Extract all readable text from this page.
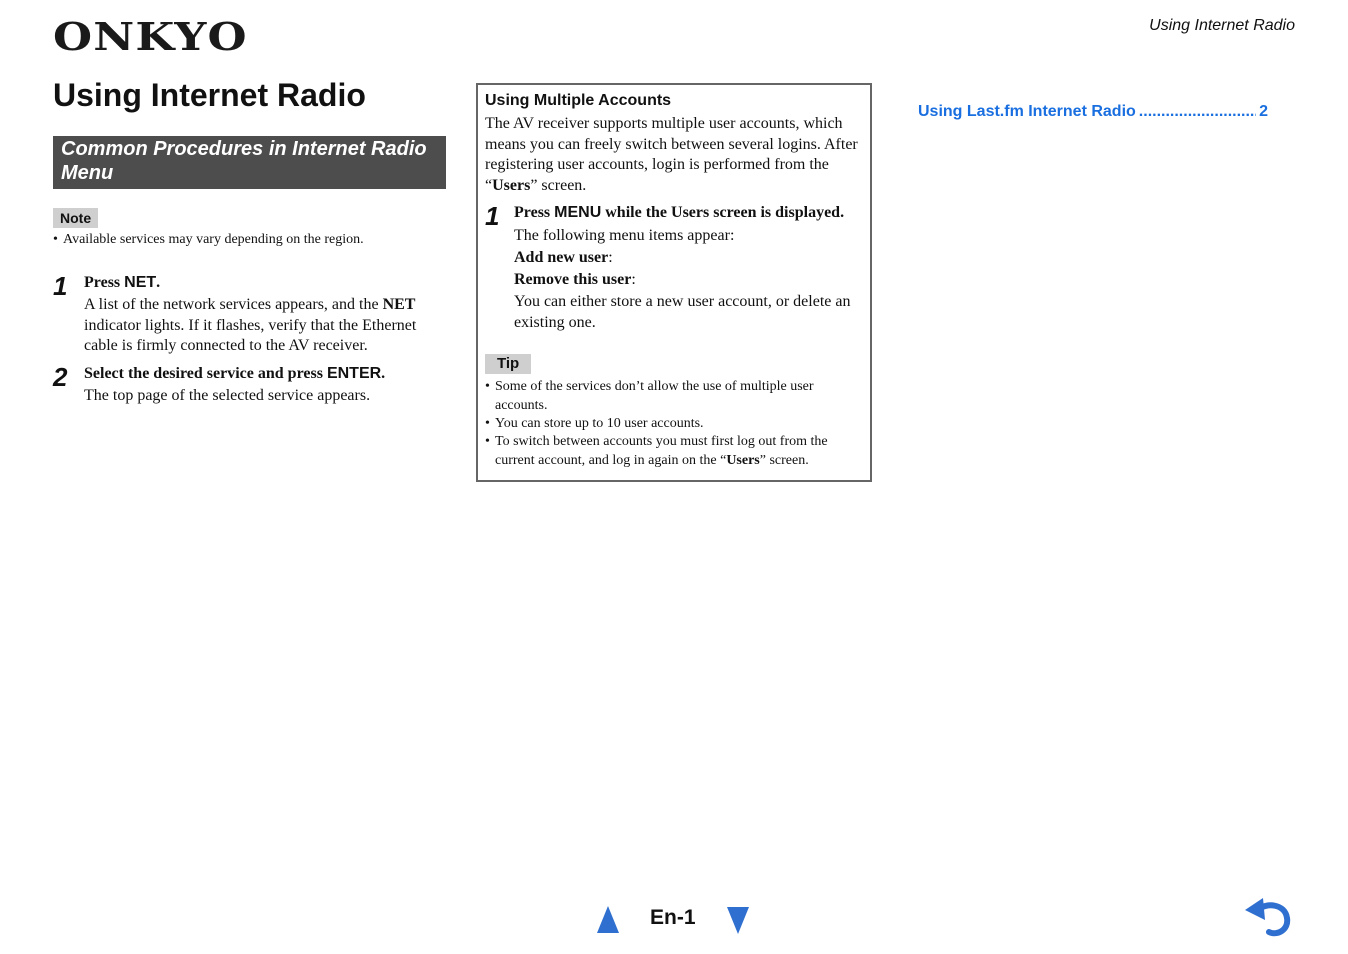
ONKYO	Using Internet Radio
Using Internet Radio
Common Procedures in Internet Radio Menu
Note
• Available services may vary depending on the region.
1 Press NET.
A list of the network services appears, and the NET indicator lights. If it flashes, verify that the Ethernet cable is firmly connected to the AV receiver.
2 Select the desired service and press ENTER.
The top page of the selected service appears.
Using Multiple Accounts
The AV receiver supports multiple user accounts, which means you can freely switch between several logins. After registering user accounts, login is performed from the “Users” screen.
1 Press MENU while the Users screen is displayed.
The following menu items appear:
Add new user:
Remove this user:
You can either store a new user account, or delete an existing one.
Tip
• Some of the services don’t allow the use of multiple user accounts.
• You can store up to 10 user accounts.
• To switch between accounts you must first log out from the current account, and log in again on the “Users” screen.
Using Last.fm Internet Radio
.....	2
En-1
